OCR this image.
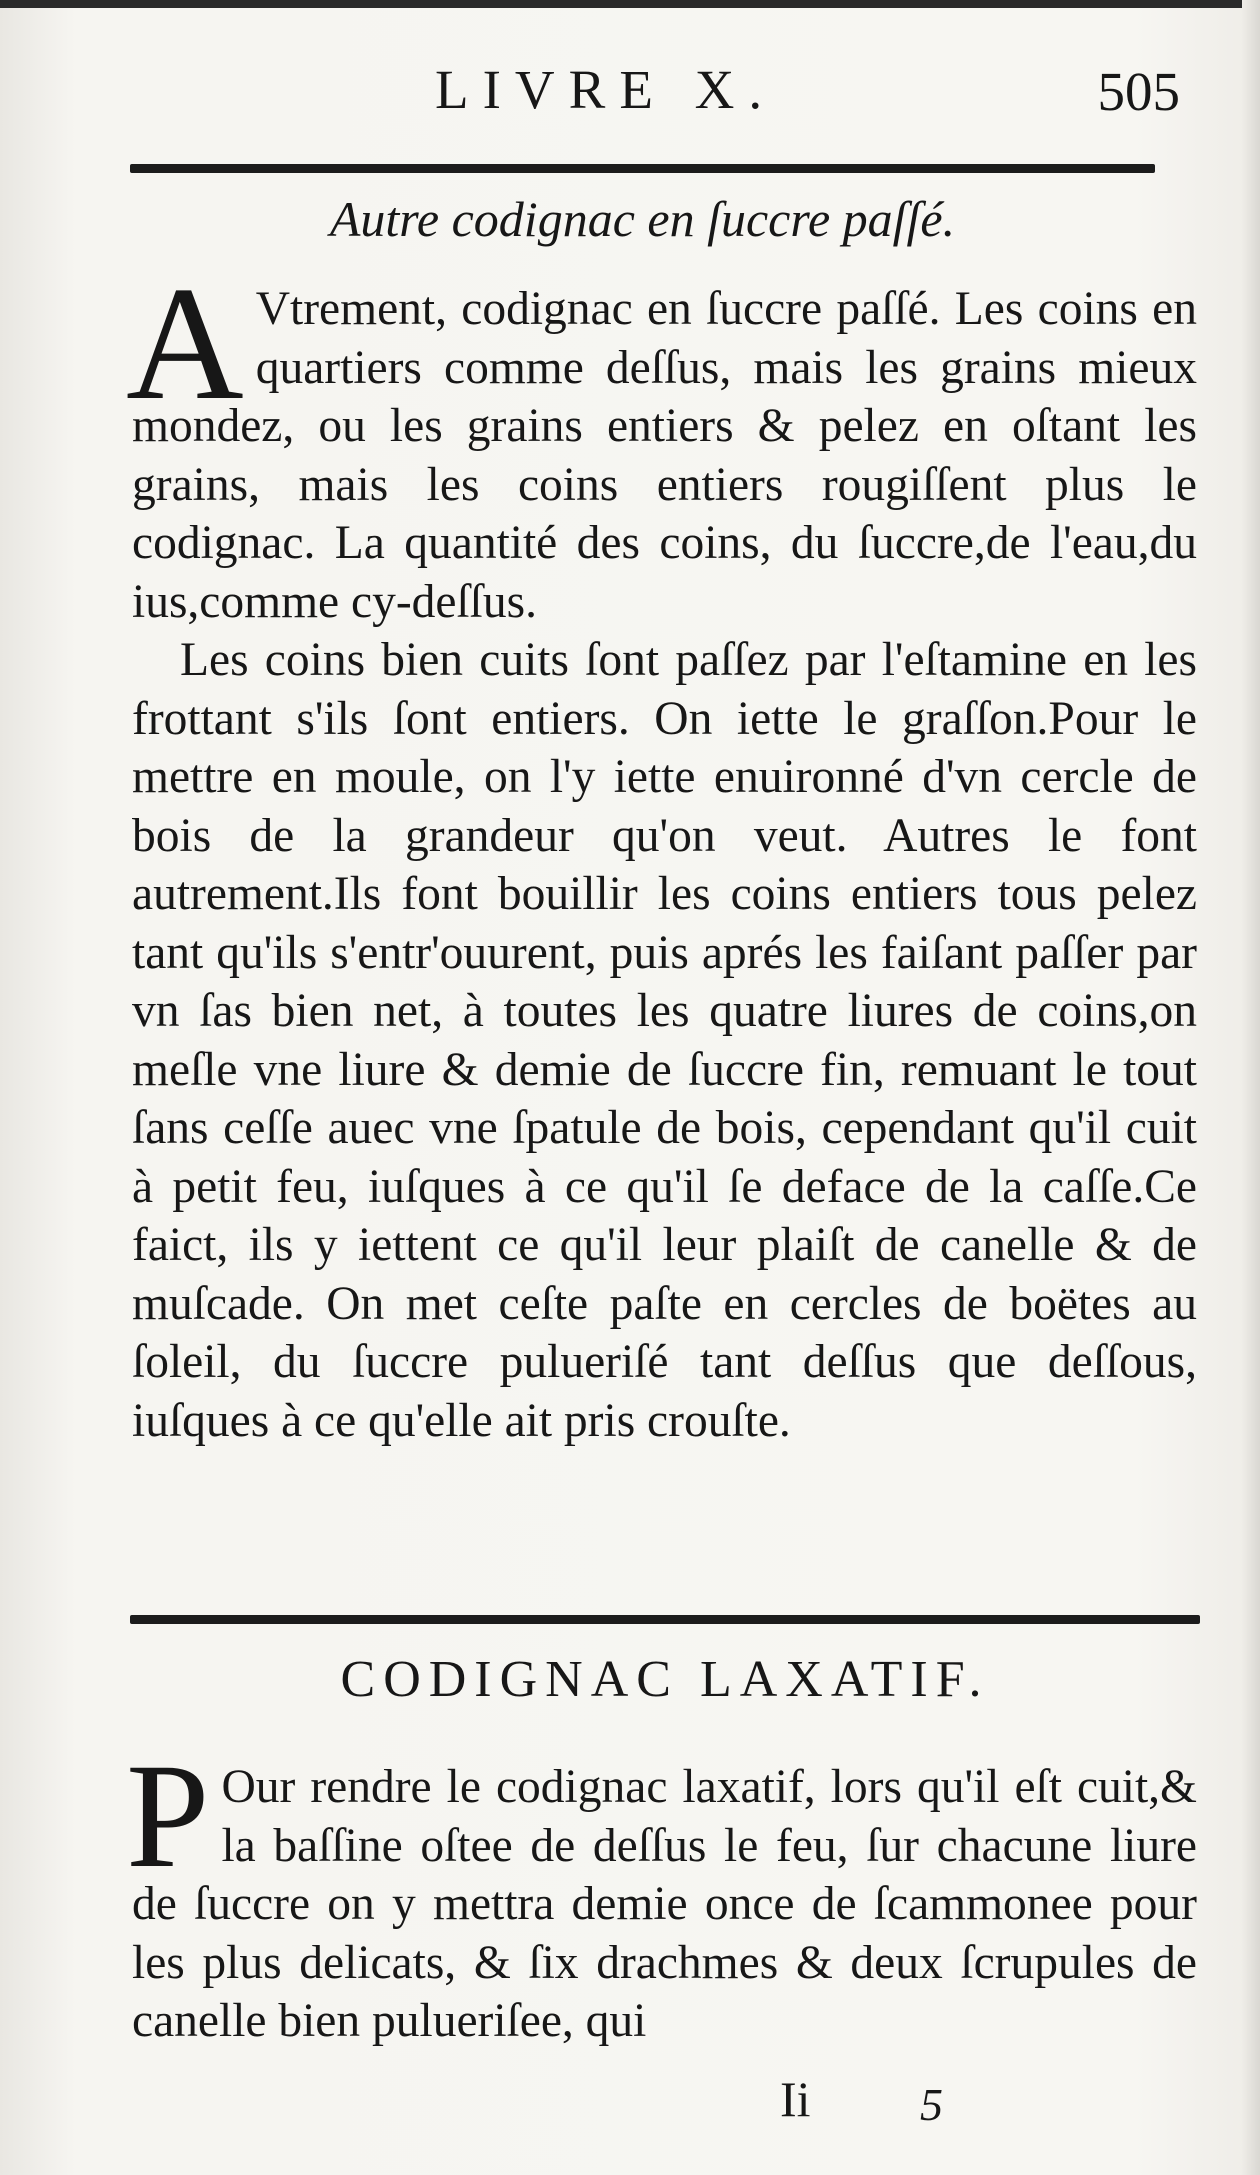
LIVRE X.	505
Autre codignac en ſuccre paſſé.

A Vtrement, codignac en ſuccre paſſé. Les coins en quartiers comme deſſus, mais les grains mieux mondez, ou les grains entiers & pelez en oſtant les grains, mais les coins entiers rougiſſent plus le codignac. La quantité des coins, du ſuccre,de l'eau,du ius,comme cy-deſſus.

Les coins bien cuits ſont paſſez par l'eſtamine en les frottant s'ils ſont entiers. On iette le graſſon.Pour le mettre en moule, on l'y iette enuironné d'vn cercle de bois de la grandeur qu'on veut. Autres le font autrement.Ils font bouillir les coins entiers tous pelez tant qu'ils s'entr'ouurent, puis aprés les faiſant paſſer par vn ſas bien net, à toutes les quatre liures de coins,on meſle vne liure & demie de ſuccre fin, remuant le tout ſans ceſſe auec vne ſpatule de bois, cependant qu'il cuit à petit feu, iuſques à ce qu'il ſe deface de la caſſe.Ce faict, ils y iettent ce qu'il leur plaiſt de canelle & de muſcade. On met ceſte paſte en cercles de boëtes au ſoleil, du ſuccre pulueriſé tant deſſus que deſſous, iuſques à ce qu'elle ait pris crouſte.

CODIGNAC LAXATIF.

P Our rendre le codignac laxatif, lors qu'il eſt cuit,& la baſſine oſtee de deſſus le feu, ſur chacune liure de ſuccre on y mettra demie once de ſcammonee pour les plus delicats, & ſix drachmes & deux ſcrupules de canelle bien pulueriſee, qui

Ii 5
